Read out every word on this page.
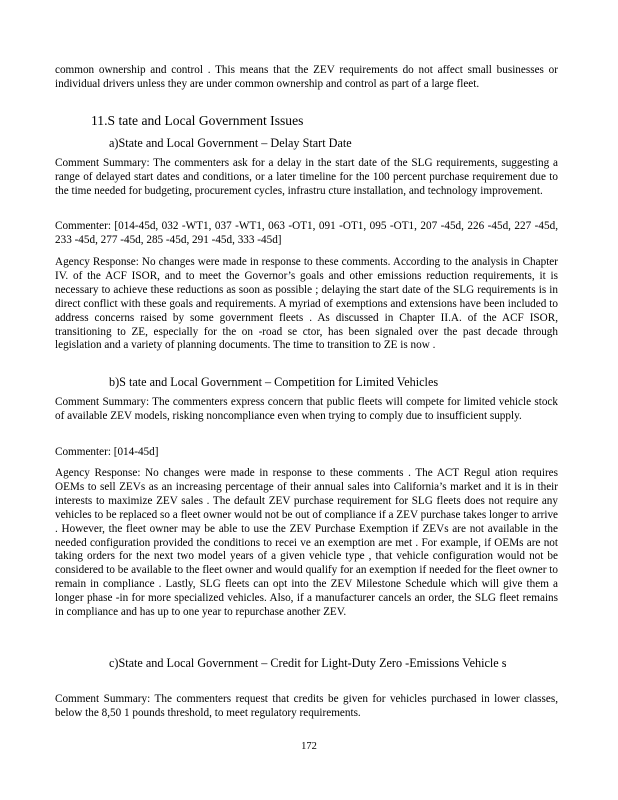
common ownership and control . This means that the ZEV requirements do not affect small businesses or individual drivers unless they are under common ownership and control as part of a large fleet.

11.S tate and Local Government Issues

a)State and Local Government – Delay Start Date

Comment Summary: The commenters ask for a delay in the start date of the SLG requirements, suggesting a range of delayed start dates and conditions, or a later timeline for the 100 percent purchase requirement due to the time needed for budgeting, procurement cycles, infrastru cture installation, and technology improvement.

Commenter: [014-45d, 032 -WT1, 037 -WT1, 063 -OT1, 091 -OT1, 095 -OT1, 207 -45d, 226 -45d, 227 -45d, 233 -45d, 277 -45d, 285 -45d, 291 -45d, 333 -45d]

Agency Response: No changes were made in response to these comments. According to the analysis in Chapter IV. of the ACF ISOR, and to meet the Governor’s goals and other emissions reduction requirements, it is necessary to achieve these reductions as soon as possible ; delaying the start date of the SLG requirements is in direct conflict with these goals and requirements. A myriad of exemptions and extensions have been included to address concerns raised by some government fleets . As discussed in Chapter II.A. of the ACF ISOR, transitioning to ZE, especially for the on -road se ctor, has been signaled over the past decade through legislation and a variety of planning documents. The time to transition to ZE is now .

b)S tate and Local Government – Competition for Limited Vehicles

Comment Summary: The commenters express concern that public fleets will compete for limited vehicle stock of available ZEV models, risking noncompliance even when trying to comply due to insufficient supply.

Commenter: [014-45d]

Agency Response: No changes were made in response to these comments . The ACT Regul ation requires OEMs to sell ZEVs as an increasing percentage of their annual sales into California’s market and it is in their interests to maximize ZEV sales . The default ZEV purchase requirement for SLG fleets does not require any vehicles to be replaced so a fleet owner would not be out of compliance if a ZEV purchase takes longer to arrive . However, the fleet owner may be able to use the ZEV Purchase Exemption if ZEVs are not available in the needed configuration provided the conditions to recei ve an exemption are met . For example, if OEMs are not taking orders for the next two model years of a given vehicle type , that vehicle configuration would not be considered to be available to the fleet owner and would qualify for an exemption if needed for the fleet owner to remain in compliance . Lastly, SLG fleets can opt into the ZEV Milestone Schedule which will give them a longer phase -in for more specialized vehicles. Also, if a manufacturer cancels an order, the SLG fleet remains in compliance and has up to one year to repurchase another ZEV.

c)State and Local Government – Credit for Light-Duty Zero -Emissions Vehicle s

Comment Summary: The commenters request that credits be given for vehicles purchased in lower classes, below the 8,50 1 pounds threshold, to meet regulatory requirements.

172
